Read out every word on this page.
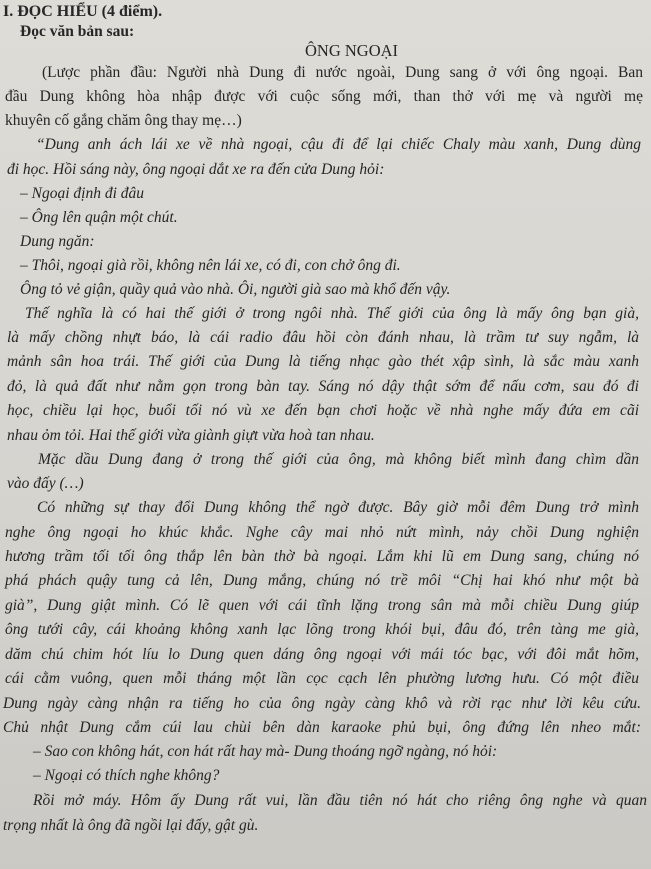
I. ĐỌC HIỂU (4 điểm).

Đọc văn bản sau:

ÔNG NGOẠI

(Lược phần đầu: Người nhà Dung đi nước ngoài, Dung sang ở với ông ngoại. Ban

đầu Dung không hòa nhập được với cuộc sống mới, than thở với mẹ và người mẹ

khuyên cố gắng chăm ông thay mẹ…)

“Dung anh ách lái xe về nhà ngoại, cậu đi để lại chiếc Chaly màu xanh, Dung dùng

đi học. Hồi sáng này, ông ngoại dắt xe ra đến cửa Dung hỏi:

– Ngoại định đi đâu

– Ông lên quận một chút.

Dung ngăn:

– Thôi, ngoại già rồi, không nên lái xe, có đi, con chở ông đi.

Ông tỏ vẻ giận, quầy quả vào nhà. Ôi, người già sao mà khổ đến vậy.

Thế nghĩa là có hai thế giới ở trong ngôi nhà. Thế giới của ông là mấy ông bạn già,

là mấy chồng nhựt báo, là cái radio đâu hồi còn đánh nhau, là trầm tư suy ngẫm, là

mảnh sân hoa trái. Thế giới của Dung là tiếng nhạc gào thét xập sình, là sắc màu xanh

đỏ, là quả đất như nằm gọn trong bàn tay. Sáng nó dậy thật sớm để nấu cơm, sau đó đi

học, chiều lại học, buổi tối nó vù xe đến bạn chơi hoặc về nhà nghe mấy đứa em cãi

nhau ỏm tỏi. Hai thế giới vừa giành giựt vừa hoà tan nhau.

Mặc dầu Dung đang ở trong thế giới của ông, mà không biết mình đang chìm dần

vào đấy (…)

Có những sự thay đổi Dung không thể ngờ được. Bây giờ mỗi đêm Dung trở mình

nghe ông ngoại ho khúc khắc. Nghe cây mai nhỏ nứt mình, nảy chồi Dung nghiện

hương trầm tối tối ông thắp lên bàn thờ bà ngoại. Lắm khi lũ em Dung sang, chúng nó

phá phách quậy tung cả lên, Dung mắng, chúng nó trề môi “Chị hai khó như một bà

già”, Dung giật mình. Có lẽ quen với cái tĩnh lặng trong sân mà mỗi chiều Dung giúp

ông tưới cây, cái khoảng không xanh lạc lõng trong khói bụi, đâu đó, trên tàng me già,

dăm chú chim hót líu lo Dung quen dáng ông ngoại với mái tóc bạc, với đôi mắt hõm,

cái cằm vuông, quen mỗi tháng một lần cọc cạch lên phường lương hưu. Có một điều

Dung ngày càng nhận ra tiếng ho của ông ngày càng khô và rời rạc như lời kêu cứu.

Chủ nhật Dung cắm cúi lau chùi bên dàn karaoke phủ bụi, ông đứng lên nheo mắt:

– Sao con không hát, con hát rất hay mà- Dung thoáng ngỡ ngàng, nó hỏi:

– Ngoại có thích nghe không?

Rồi mở máy. Hôm ấy Dung rất vui, lần đầu tiên nó hát cho riêng ông nghe và quan

trọng nhất là ông đã ngồi lại đấy, gật gù.
